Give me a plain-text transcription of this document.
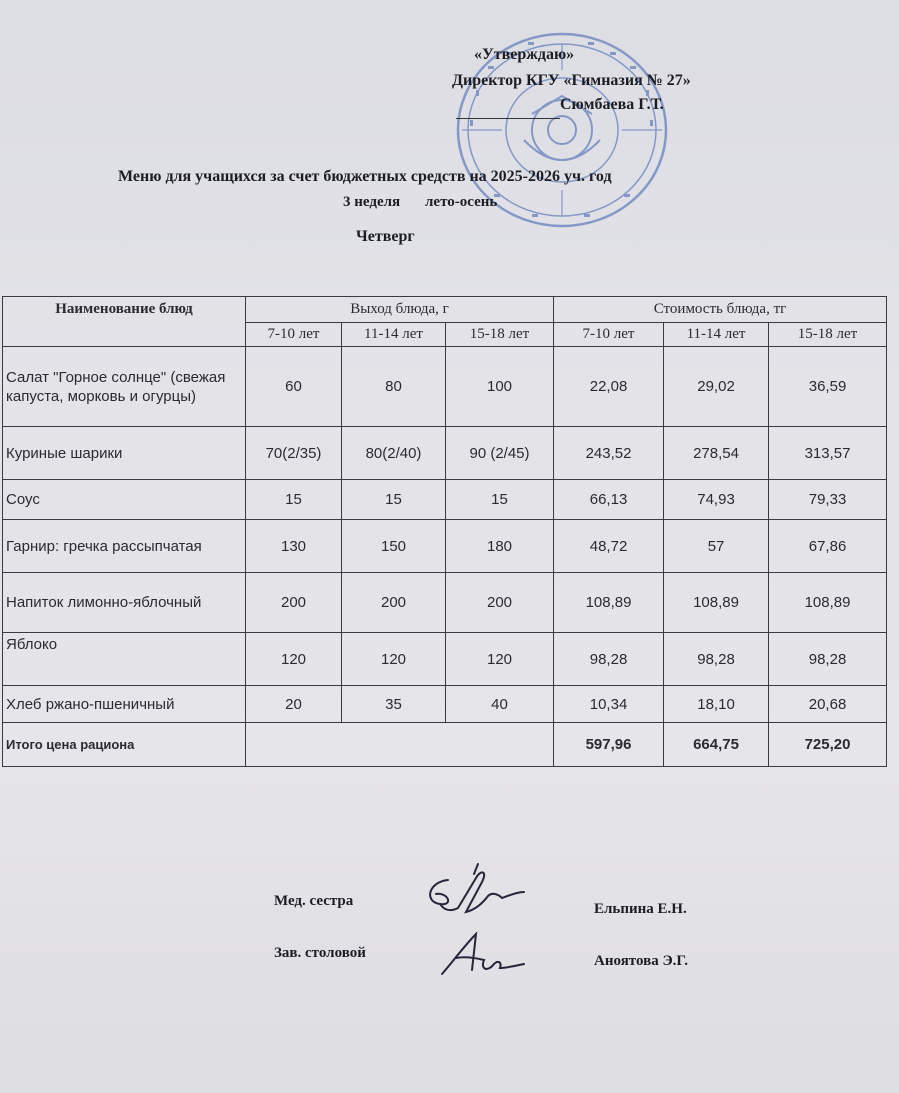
«Утверждаю»
Директор КГУ «Гимназия № 27»
Сюмбаева Г.Т.
Меню для учащихся за счет бюджетных средств на 2025-2026 уч. год
3 неделя лето-осень
Четверг
Наименование блюд	Выход блюда, г			Стоимость блюда, тг		
	7-10 лет	11-14 лет	15-18 лет	7-10 лет	11-14 лет	15-18 лет
Салат "Горное солнце" (свежая капуста, морковь и огурцы)	60	80	100	22,08	29,02	36,59
Куриные шарики	70(2/35)	80(2/40)	90 (2/45)	243,52	278,54	313,57
Соус	15	15	15	66,13	74,93	79,33
Гарнир: гречка рассыпчатая	130	150	180	48,72	57	67,86
Напиток лимонно-яблочный	200	200	200	108,89	108,89	108,89
Яблоко	120	120	120	98,28	98,28	98,28
Хлеб ржано-пшеничный	20	35	40	10,34	18,10	20,68
Итого цена рациона				597,96	664,75	725,20
Мед. сестра	Ельпина Е.Н.
Зав. столовой	Аноятова Э.Г.
